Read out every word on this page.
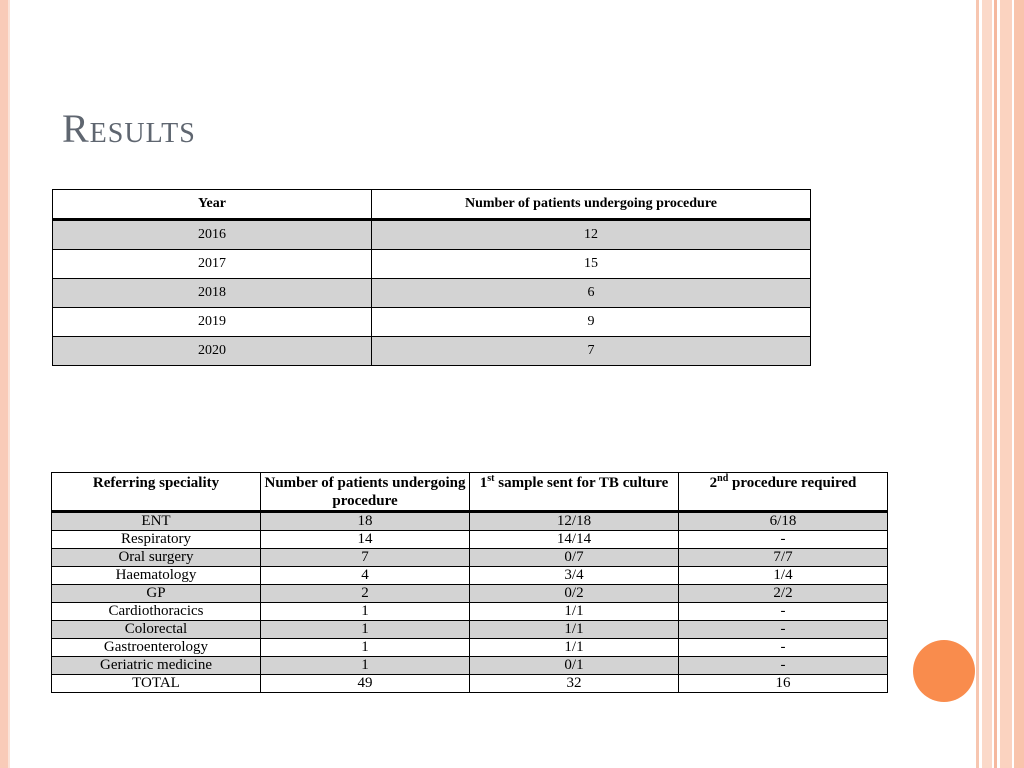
Results
Year	Number of patients undergoing procedure
2016	12
2017	15
2018	6
2019	9
2020	7
Referring speciality	Number of patients undergoing procedure	1st sample sent for TB culture	2nd procedure required
ENT	18	12/18	6/18
Respiratory	14	14/14	-
Oral surgery	7	0/7	7/7
Haematology	4	3/4	1/4
GP	2	0/2	2/2
Cardiothoracics	1	1/1	-
Colorectal	1	1/1	-
Gastroenterology	1	1/1	-
Geriatric medicine	1	0/1	-
TOTAL	49	32	16
